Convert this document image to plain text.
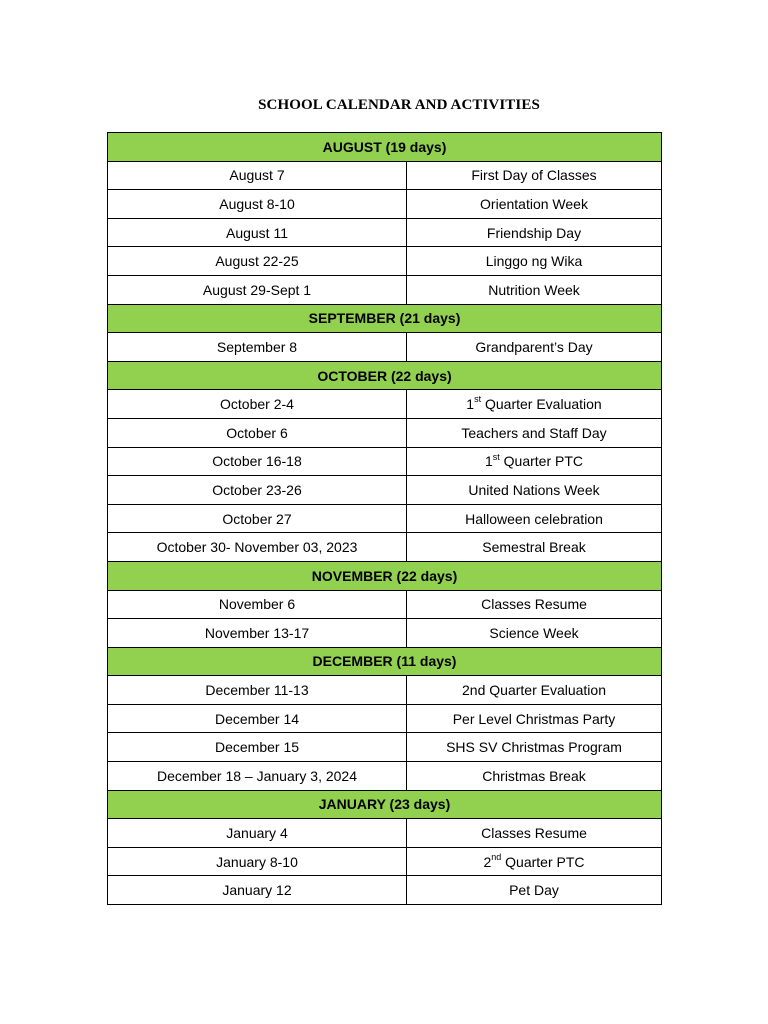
SCHOOL CALENDAR AND ACTIVITIES
AUGUST (19 days)	
August 7	First Day of Classes
August 8-10	Orientation Week
August 11	Friendship Day
August 22-25	Linggo ng Wika
August 29-Sept 1	Nutrition Week
SEPTEMBER (21 days)	
September 8	Grandparent’s Day
OCTOBER (22 days)	
October 2-4	1st Quarter Evaluation
October 6	Teachers and Staff Day
October 16-18	1st Quarter PTC
October 23-26	United Nations Week
October 27	Halloween celebration
October 30- November 03, 2023	Semestral Break
NOVEMBER (22 days)	
November 6	Classes Resume
November 13-17	Science Week
DECEMBER (11 days)	
December 11-13	2nd Quarter Evaluation
December 14	Per Level Christmas Party
December 15	SHS SV Christmas Program
December 18 – January 3, 2024	Christmas Break
JANUARY (23 days)	
January 4	Classes Resume
January 8-10	2nd Quarter PTC
January 12	Pet Day
